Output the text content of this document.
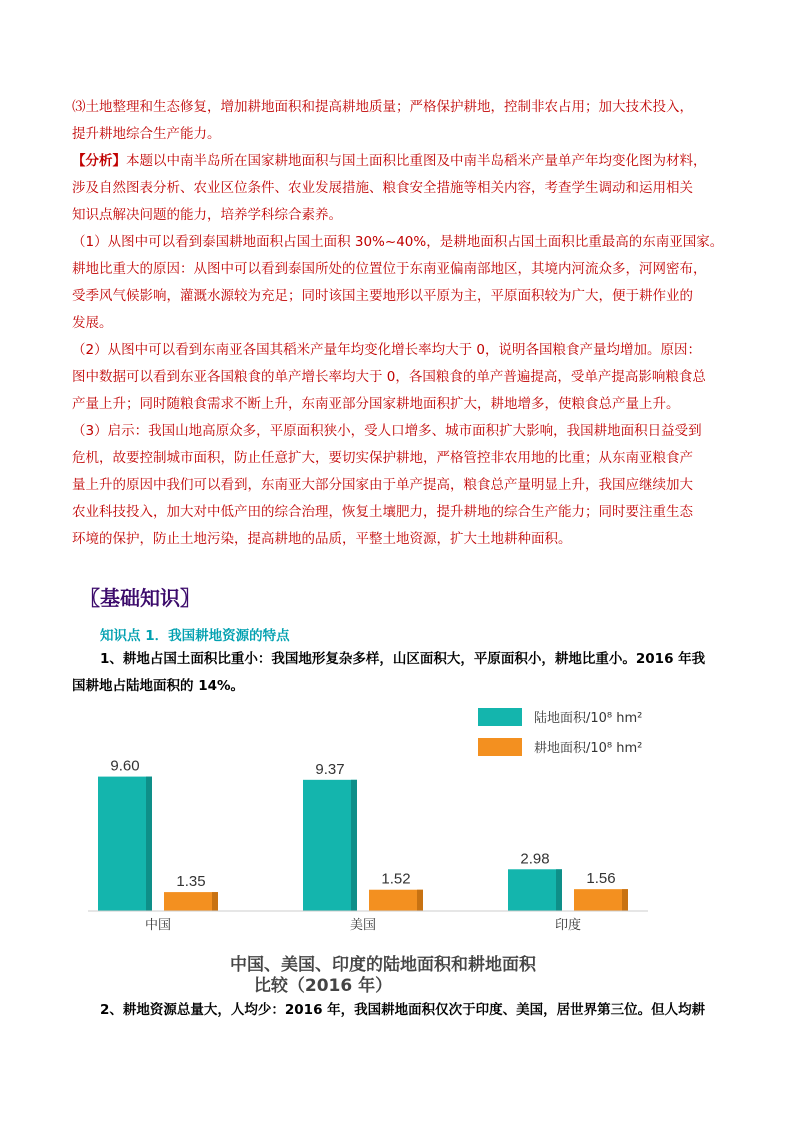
⑶土地整理和生态修复，增加耕地面积和提高耕地质量；严格保护耕地，控制非农占用；加大技术投入，
提升耕地综合生产能力。
【分析】本题以中南半岛所在国家耕地面积与国土面积比重图及中南半岛稻米产量单产年均变化图为材料，
涉及自然图表分析、农业区位条件、农业发展措施、粮食安全措施等相关内容，考查学生调动和运用相关
知识点解决问题的能力，培养学科综合素养。
（1）从图中可以看到泰国耕地面积占国土面积 30%~40%，是耕地面积占国土面积比重最高的东南亚国家。
耕地比重大的原因：从图中可以看到泰国所处的位置位于东南亚偏南部地区，其境内河流众多，河网密布，
受季风气候影响，灌溉水源较为充足；同时该国主要地形以平原为主，平原面积较为广大，便于耕作业的
发展。
（2）从图中可以看到东南亚各国其稻米产量年均变化增长率均大于 0，说明各国粮食产量均增加。原因：
图中数据可以看到东亚各国粮食的单产增长率均大于 0，各国粮食的单产普遍提高，受单产提高影响粮食总
产量上升；同时随粮食需求不断上升，东南亚部分国家耕地面积扩大，耕地增多，使粮食总产量上升。
（3）启示：我国山地高原众多，平原面积狭小，受人口增多、城市面积扩大影响，我国耕地面积日益受到
危机，故要控制城市面积，防止任意扩大，要切实保护耕地，严格管控非农用地的比重；从东南亚粮食产
量上升的原因中我们可以看到，东南亚大部分国家由于单产提高，粮食总产量明显上升，我国应继续加大
农业科技投入，加大对中低产田的综合治理，恢复土壤肥力，提升耕地的综合生产能力；同时要注重生态
环境的保护，防止土地污染，提高耕地的品质，平整土地资源，扩大土地耕种面积。
〖基础知识〗
知识点 1．我国耕地资源的特点
1、耕地占国土面积比重小：我国地形复杂多样，山区面积大，平原面积小，耕地比重小。2016 年我
国耕地占陆地面积的 14%。
陆地面积/10⁸ hm²
耕地面积/10⁸ hm²
9.60
1.35
9.37
1.52
2.98
1.56
中国	美国	印度
中国、美国、印度的陆地面积和耕地面积
比较（2016 年）
2、耕地资源总量大，人均少：2016 年，我国耕地面积仅次于印度、美国，居世界第三位。但人均耕
